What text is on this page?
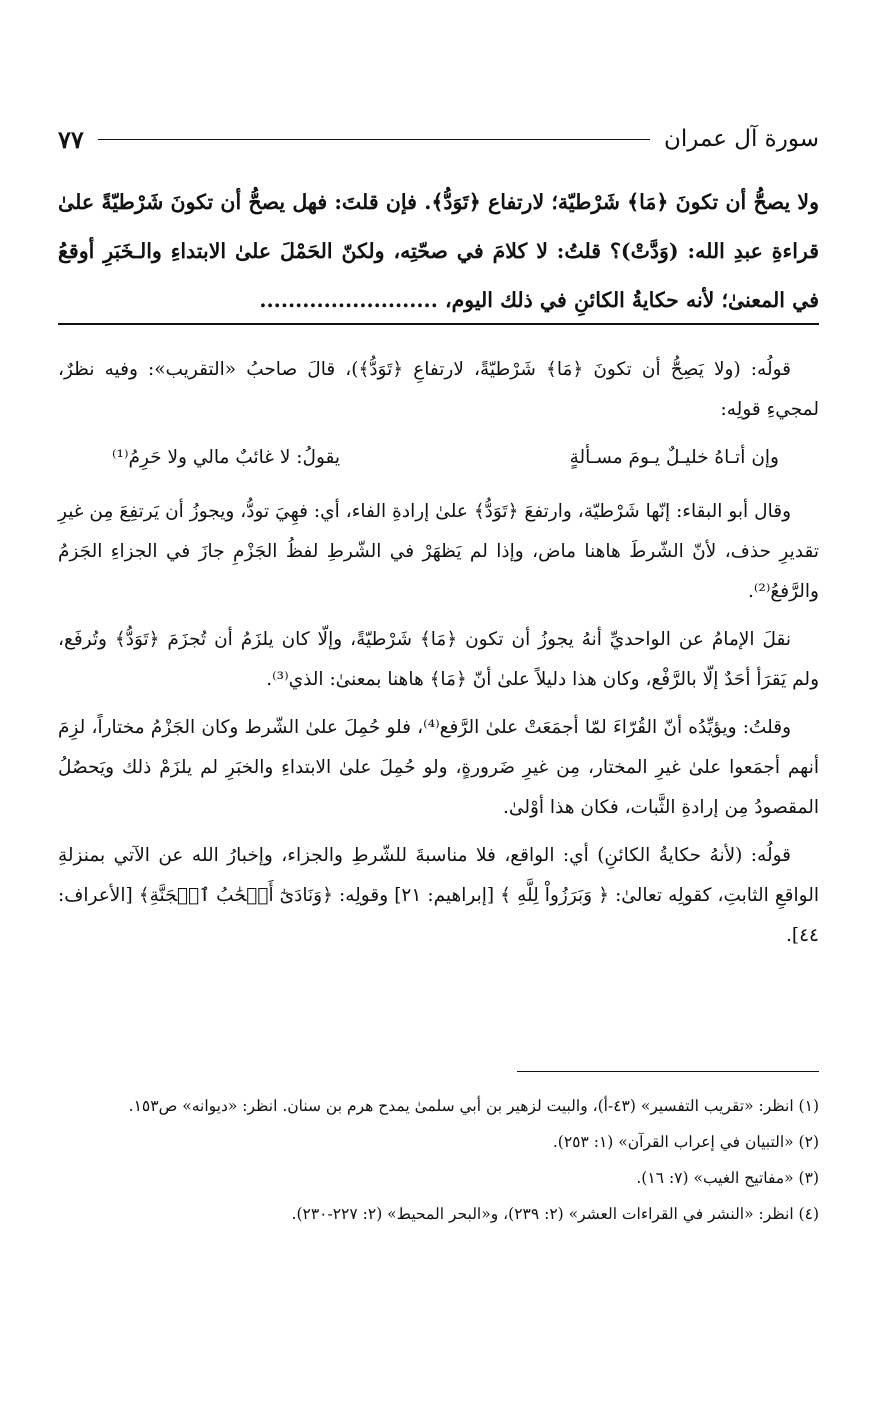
سورة آل عمران
٧٧
ولا يصحُّ أن تكونَ ﴿مَا﴾ شَرْطيّة؛ لارتفاع ﴿تَوَدُّ﴾. فإن قلتَ: فهل يصحُّ أن تكونَ شَرْطيّةً علىٰ قراءةِ عبدِ الله: (وَدَّتْ)؟ قلتُ: لا كلامَ في صحّتِه، ولكنّ الحَمْلَ علىٰ الابتداءِ والـخَبَرِ أوقعُ في المعنىٰ؛ لأنه حكايةُ الكائنِ في ذلك اليوم، .........................

قولُه: (ولا يَصِحُّ أن تكونَ ﴿مَا﴾ شَرْطيّةً، لارتفاعِ ﴿تَوَدُّ﴾)، قالَ صاحبُ «التقريب»: وفيه نظرٌ، لمجيءِ قولِه:

وإن أتـاهُ خليـلٌ يـومَ مسـألةٍ
يقولُ: لا غائبٌ مالي ولا حَرِمُ⁽¹⁾

وقال أبو البقاء: إنّها شَرْطيّة، وارتفعَ ﴿تَوَدُّ﴾ علىٰ إرادةِ الفاء، أي: فهِيَ تودُّ، ويجوزُ أن يَرتفِعَ مِن غيرِ تقديرِ حذف، لأنّ الشّرطَ هاهنا ماض، وإذا لم يَظهَرْ في الشّرطِ لفظُ الجَزْمِ جازَ في الجزاءِ الجَزمُ والرَّفعُ⁽²⁾.

نقلَ الإمامُ عن الواحديِّ أنهُ يجوزُ أن تكون ﴿مَا﴾ شَرْطيّةً، وإلّا كان يلزَمُ أن تُجزَمَ ﴿تَوَدُّ﴾ وتُرفَع، ولم يَقرَأ أحَدٌ إلّا بالرَّفْع، وكان هذا دليلاً علىٰ أنّ ﴿مَا﴾ هاهنا بمعنىٰ: الذي⁽³⁾.

وقلتُ: ويؤيِّدُه أنّ القُرّاءَ لمّا أجمَعَتْ علىٰ الرَّفع⁽⁴⁾، فلو حُمِلَ علىٰ الشّرط وكان الجَزْمُ مختاراً، لزِمَ أنهم أجمَعوا علىٰ غيرِ المختار، مِن غيرِ ضَرورةٍ، ولو حُمِلَ علىٰ الابتداءِ والخبَرِ لم يلزَمْ ذلك ويَحصُلُ المقصودُ مِن إرادةِ الثَّبات، فكان هذا أوْلىٰ.

قولُه: (لأنهُ حكايةُ الكائنِ) أي: الواقع، فلا مناسبةَ للشّرطِ والجزاء، وإخبارُ الله عن الآتي بمنزلةِ الواقعِ الثابتِ، كقولِه تعالىٰ: ﴿ وَبَرَزُواْ لِلَّهِ ﴾ [إبراهيم: ٢١] وقولِه: ﴿وَنَادَىٰٓ أَصۡحَٰبُ ٱلۡجَنَّةِ﴾ [الأعراف: ٤٤].

(١) انظر: «تقريب التفسير» (٤٣-أ)، والبيت لزهير بن أبي سلمىٰ يمدح هرم بن سنان. انظر: «ديوانه» ص١٥٣.

(٢) «التبيان في إعراب القرآن» (١: ٢٥٣).

(٣) «مفاتيح الغيب» (٧: ١٦).

(٤) انظر: «النشر في القراءات العشر» (٢: ٢٣٩)، و«البحر المحيط» (٢: ٢٢٧-٢٣٠).
